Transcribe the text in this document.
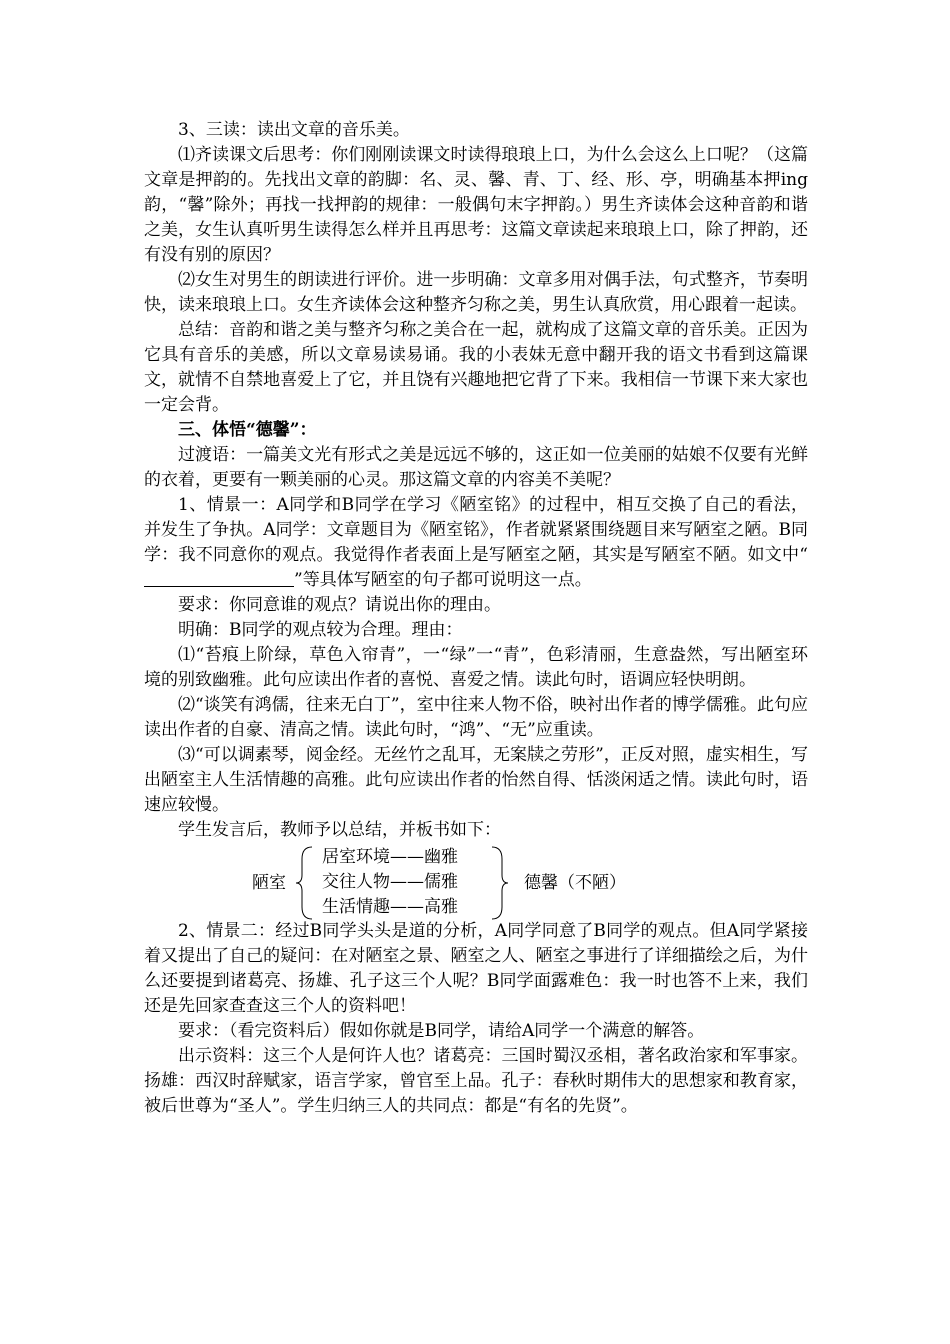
3、三读：读出文章的音乐美。

⑴齐读课文后思考：你们刚刚读课文时读得琅琅上口，为什么会这么上口呢？（这篇文章是押韵的。先找出文章的韵脚：名、灵、馨、青、丁、经、形、亭，明确基本押ing韵，“馨”除外；再找一找押韵的规律：一般偶句末字押韵。）男生齐读体会这种音韵和谐之美，女生认真听男生读得怎么样并且再思考：这篇文章读起来琅琅上口，除了押韵，还有没有别的原因？

⑵女生对男生的朗读进行评价。进一步明确：文章多用对偶手法，句式整齐，节奏明快，读来琅琅上口。女生齐读体会这种整齐匀称之美，男生认真欣赏，用心跟着一起读。

总结：音韵和谐之美与整齐匀称之美合在一起，就构成了这篇文章的音乐美。正因为它具有音乐的美感，所以文章易读易诵。我的小表妹无意中翻开我的语文书看到这篇课文，就情不自禁地喜爱上了它，并且饶有兴趣地把它背了下来。我相信一节课下来大家也一定会背。

三、体悟“德馨”：

过渡语：一篇美文光有形式之美是远远不够的，这正如一位美丽的姑娘不仅要有光鲜的衣着，更要有一颗美丽的心灵。那这篇文章的内容美不美呢？

1、情景一：A同学和B同学在学习《陋室铭》的过程中，相互交换了自己的看法，并发生了争执。A同学：文章题目为《陋室铭》，作者就紧紧围绕题目来写陋室之陋。B同学：我不同意你的观点。我觉得作者表面上是写陋室之陋，其实是写陋室不陋。如文中“”等具体写陋室的句子都可说明这一点。

要求：你同意谁的观点？请说出你的理由。

明确：B同学的观点较为合理。理由：

⑴“苔痕上阶绿，草色入帘青”，一“绿”一“青”，色彩清丽，生意盎然，写出陋室环境的别致幽雅。此句应读出作者的喜悦、喜爱之情。读此句时，语调应轻快明朗。

⑵“谈笑有鸿儒，往来无白丁”，室中往来人物不俗，映衬出作者的博学儒雅。此句应读出作者的自豪、清高之情。读此句时，“鸿”、“无”应重读。

⑶“可以调素琴，阅金经。无丝竹之乱耳，无案牍之劳形”，正反对照，虚实相生，写出陋室主人生活情趣的高雅。此句应读出作者的怡然自得、恬淡闲适之情。读此句时，语速应较慢。

学生发言后，教师予以总结，并板书如下：

陋室
居室环境——幽雅
交往人物——儒雅
生活情趣——高雅
德馨（不陋）

2、情景二：经过B同学头头是道的分析，A同学同意了B同学的观点。但A同学紧接着又提出了自己的疑问：在对陋室之景、陋室之人、陋室之事进行了详细描绘之后，为什么还要提到诸葛亮、扬雄、孔子这三个人呢？B同学面露难色：我一时也答不上来，我们还是先回家查查这三个人的资料吧！

要求：（看完资料后）假如你就是B同学，请给A同学一个满意的解答。

出示资料：这三个人是何许人也？诸葛亮：三国时蜀汉丞相，著名政治家和军事家。扬雄：西汉时辞赋家，语言学家，曾官至上品。孔子：春秋时期伟大的思想家和教育家，被后世尊为“圣人”。学生归纳三人的共同点：都是“有名的先贤”。
